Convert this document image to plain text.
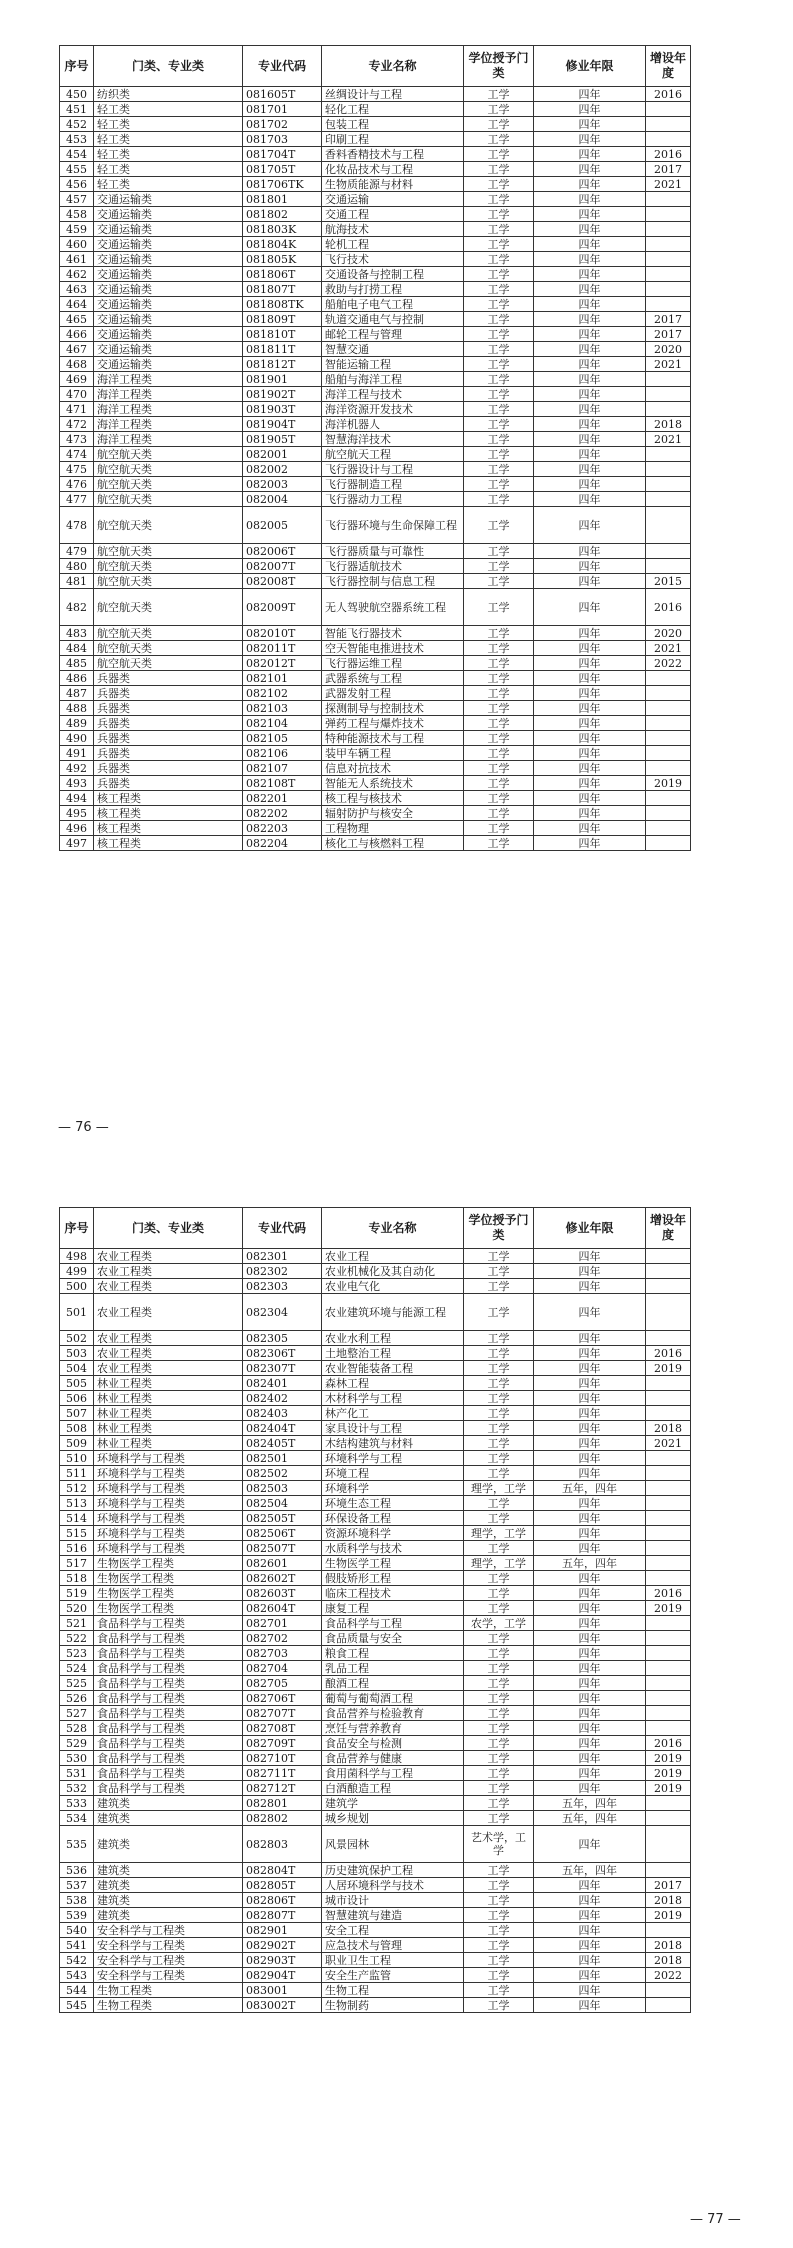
序号	门类、专业类	专业代码	专业名称	学位授予门类	修业年限	增设年度
450	纺织类	081605T	丝绸设计与工程	工学	四年	2016
451	轻工类	081701	轻化工程	工学	四年	
452	轻工类	081702	包装工程	工学	四年	
453	轻工类	081703	印刷工程	工学	四年	
454	轻工类	081704T	香料香精技术与工程	工学	四年	2016
455	轻工类	081705T	化妆品技术与工程	工学	四年	2017
456	轻工类	081706TK	生物质能源与材料	工学	四年	2021
457	交通运输类	081801	交通运输	工学	四年	
458	交通运输类	081802	交通工程	工学	四年	
459	交通运输类	081803K	航海技术	工学	四年	
460	交通运输类	081804K	轮机工程	工学	四年	
461	交通运输类	081805K	飞行技术	工学	四年	
462	交通运输类	081806T	交通设备与控制工程	工学	四年	
463	交通运输类	081807T	救助与打捞工程	工学	四年	
464	交通运输类	081808TK	船舶电子电气工程	工学	四年	
465	交通运输类	081809T	轨道交通电气与控制	工学	四年	2017
466	交通运输类	081810T	邮轮工程与管理	工学	四年	2017
467	交通运输类	081811T	智慧交通	工学	四年	2020
468	交通运输类	081812T	智能运输工程	工学	四年	2021
469	海洋工程类	081901	船舶与海洋工程	工学	四年	
470	海洋工程类	081902T	海洋工程与技术	工学	四年	
471	海洋工程类	081903T	海洋资源开发技术	工学	四年	
472	海洋工程类	081904T	海洋机器人	工学	四年	2018
473	海洋工程类	081905T	智慧海洋技术	工学	四年	2021
474	航空航天类	082001	航空航天工程	工学	四年	
475	航空航天类	082002	飞行器设计与工程	工学	四年	
476	航空航天类	082003	飞行器制造工程	工学	四年	
477	航空航天类	082004	飞行器动力工程	工学	四年	
478	航空航天类	082005	飞行器环境与生命保障工程	工学	四年	
479	航空航天类	082006T	飞行器质量与可靠性	工学	四年	
480	航空航天类	082007T	飞行器适航技术	工学	四年	
481	航空航天类	082008T	飞行器控制与信息工程	工学	四年	2015
482	航空航天类	082009T	无人驾驶航空器系统工程	工学	四年	2016
483	航空航天类	082010T	智能飞行器技术	工学	四年	2020
484	航空航天类	082011T	空天智能电推进技术	工学	四年	2021
485	航空航天类	082012T	飞行器运维工程	工学	四年	2022
486	兵器类	082101	武器系统与工程	工学	四年	
487	兵器类	082102	武器发射工程	工学	四年	
488	兵器类	082103	探测制导与控制技术	工学	四年	
489	兵器类	082104	弹药工程与爆炸技术	工学	四年	
490	兵器类	082105	特种能源技术与工程	工学	四年	
491	兵器类	082106	装甲车辆工程	工学	四年	
492	兵器类	082107	信息对抗技术	工学	四年	
493	兵器类	082108T	智能无人系统技术	工学	四年	2019
494	核工程类	082201	核工程与核技术	工学	四年	
495	核工程类	082202	辐射防护与核安全	工学	四年	
496	核工程类	082203	工程物理	工学	四年	
497	核工程类	082204	核化工与核燃料工程	工学	四年	
— 76 —
序号	门类、专业类	专业代码	专业名称	学位授予门类	修业年限	增设年度
498	农业工程类	082301	农业工程	工学	四年	
499	农业工程类	082302	农业机械化及其自动化	工学	四年	
500	农业工程类	082303	农业电气化	工学	四年	
501	农业工程类	082304	农业建筑环境与能源工程	工学	四年	
502	农业工程类	082305	农业水利工程	工学	四年	
503	农业工程类	082306T	土地整治工程	工学	四年	2016
504	农业工程类	082307T	农业智能装备工程	工学	四年	2019
505	林业工程类	082401	森林工程	工学	四年	
506	林业工程类	082402	木材科学与工程	工学	四年	
507	林业工程类	082403	林产化工	工学	四年	
508	林业工程类	082404T	家具设计与工程	工学	四年	2018
509	林业工程类	082405T	木结构建筑与材料	工学	四年	2021
510	环境科学与工程类	082501	环境科学与工程	工学	四年	
511	环境科学与工程类	082502	环境工程	工学	四年	
512	环境科学与工程类	082503	环境科学	理学，工学	五年，四年	
513	环境科学与工程类	082504	环境生态工程	工学	四年	
514	环境科学与工程类	082505T	环保设备工程	工学	四年	
515	环境科学与工程类	082506T	资源环境科学	理学，工学	四年	
516	环境科学与工程类	082507T	水质科学与技术	工学	四年	
517	生物医学工程类	082601	生物医学工程	理学，工学	五年，四年	
518	生物医学工程类	082602T	假肢矫形工程	工学	四年	
519	生物医学工程类	082603T	临床工程技术	工学	四年	2016
520	生物医学工程类	082604T	康复工程	工学	四年	2019
521	食品科学与工程类	082701	食品科学与工程	农学，工学	四年	
522	食品科学与工程类	082702	食品质量与安全	工学	四年	
523	食品科学与工程类	082703	粮食工程	工学	四年	
524	食品科学与工程类	082704	乳品工程	工学	四年	
525	食品科学与工程类	082705	酿酒工程	工学	四年	
526	食品科学与工程类	082706T	葡萄与葡萄酒工程	工学	四年	
527	食品科学与工程类	082707T	食品营养与检验教育	工学	四年	
528	食品科学与工程类	082708T	烹饪与营养教育	工学	四年	
529	食品科学与工程类	082709T	食品安全与检测	工学	四年	2016
530	食品科学与工程类	082710T	食品营养与健康	工学	四年	2019
531	食品科学与工程类	082711T	食用菌科学与工程	工学	四年	2019
532	食品科学与工程类	082712T	白酒酿造工程	工学	四年	2019
533	建筑类	082801	建筑学	工学	五年，四年	
534	建筑类	082802	城乡规划	工学	五年，四年	
535	建筑类	082803	风景园林	艺术学，工学	四年	
536	建筑类	082804T	历史建筑保护工程	工学	五年，四年	
537	建筑类	082805T	人居环境科学与技术	工学	四年	2017
538	建筑类	082806T	城市设计	工学	四年	2018
539	建筑类	082807T	智慧建筑与建造	工学	四年	2019
540	安全科学与工程类	082901	安全工程	工学	四年	
541	安全科学与工程类	082902T	应急技术与管理	工学	四年	2018
542	安全科学与工程类	082903T	职业卫生工程	工学	四年	2018
543	安全科学与工程类	082904T	安全生产监管	工学	四年	2022
544	生物工程类	083001	生物工程	工学	四年	
545	生物工程类	083002T	生物制药	工学	四年	
— 77 —
